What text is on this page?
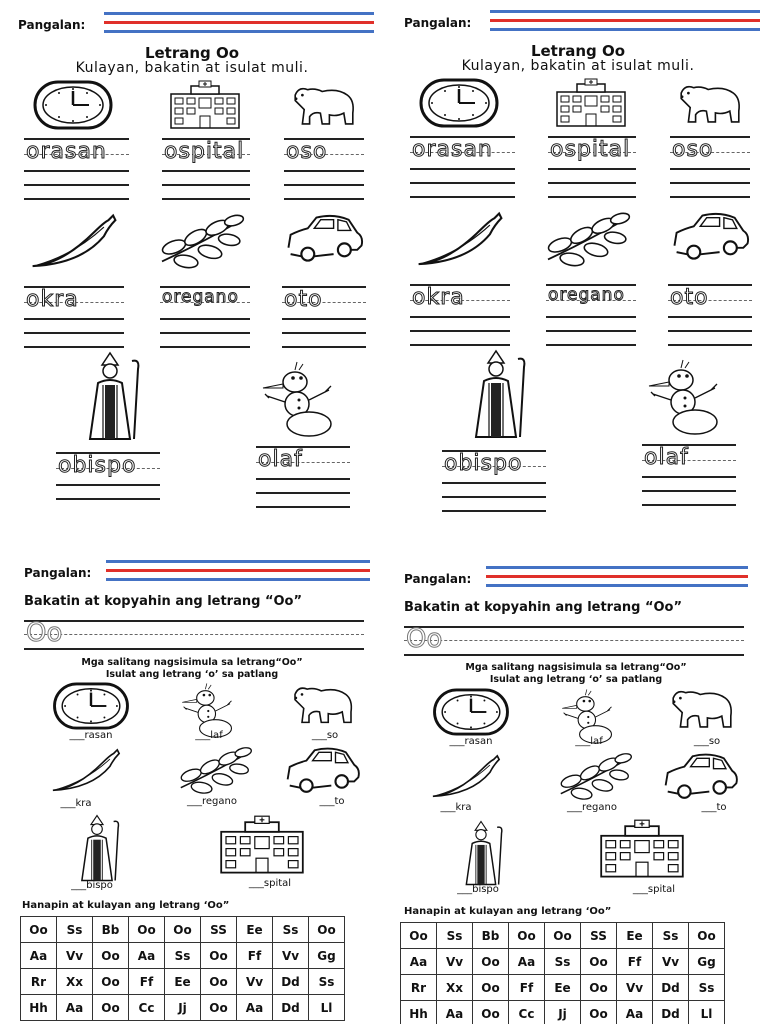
Pangalan:
Letrang Oo
Kulayan, bakatin at isulat muli.
orasan	ospital oso
okra	oregano oto
obispo	olaf
Pangalan:
Letrang Oo
Kulayan, bakatin at isulat muli.
orasan	ospital oso
okra	oregano oto
obispo	olaf
Pangalan:
Bakatin at kopyahin ang letrang “Oo”
Oo
Mga salitang nagsisimula sa letrang“Oo”
Isulat ang letrang ‘o’ sa patlang
___rasan	___laf	___so
___kra	___regano	___to
___bispo	___spital
Hanapin at kulayan ang letrang ‘Oo”
Oo	Ss	Bb	Oo	Oo	SS	Ee	Ss	Oo
Aa	Vv	Oo	Aa	Ss	Oo	Ff	Vv	Gg
Rr	Xx	Oo	Ff	Ee	Oo	Vv	Dd	Ss
Hh	Aa	Oo	Cc	Jj	Oo	Aa	Dd	Ll
Pangalan:
Bakatin at kopyahin ang letrang “Oo”
Oo
Mga salitang nagsisimula sa letrang“Oo”
Isulat ang letrang ‘o’ sa patlang
___rasan	___laf	___so
___kra	___regano	___to
___bispo	___spital
Hanapin at kulayan ang letrang ‘Oo”
Oo	Ss	Bb	Oo	Oo	SS	Ee	Ss	Oo
Aa	Vv	Oo	Aa	Ss	Oo	Ff	Vv	Gg
Rr	Xx	Oo	Ff	Ee	Oo	Vv	Dd	Ss
Hh	Aa	Oo	Cc	Jj	Oo	Aa	Dd	Ll
